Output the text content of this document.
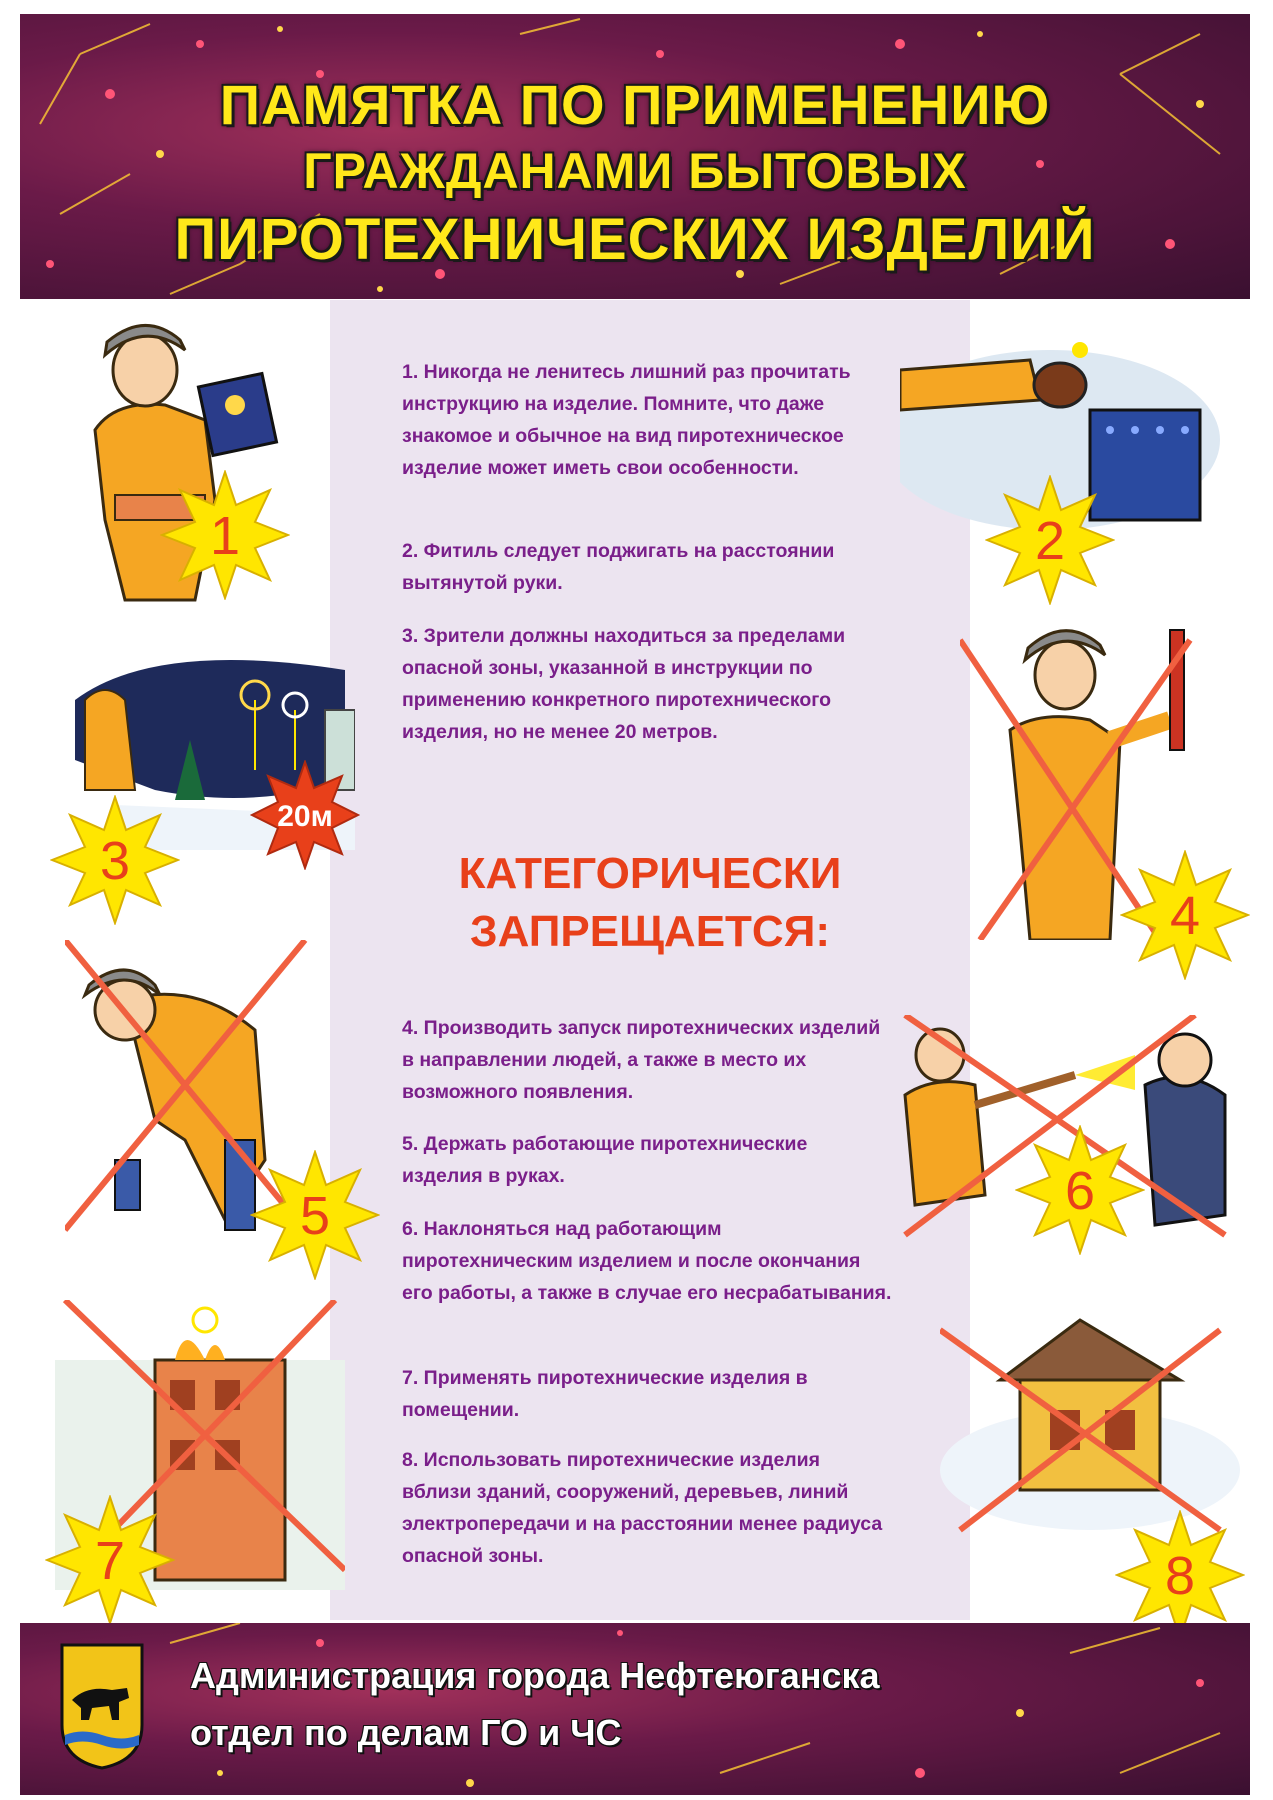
ПАМЯТКА ПО ПРИМЕНЕНИЮ
ГРАЖДАНАМИ БЫТОВЫХ
ПИРОТЕХНИЧЕСКИХ ИЗДЕЛИЙ
1. Никогда не ленитесь лишний раз прочитать инструкцию на изделие. Помните, что даже знакомое и обычное на вид пиротехническое изделие может иметь свои особенности.
2. Фитиль следует поджигать на расстоянии вытянутой руки.
3. Зрители должны находиться за пределами опасной зоны, указанной в инструкции по применению конкретного пиротехнического изделия, но не менее 20 метров.
КАТЕГОРИЧЕСКИ
ЗАПРЕЩАЕТСЯ:
4. Производить запуск пиротехнических изделий в направлении людей, а также в место их возможного появления.
5. Держать работающие пиротехнические изделия в руках.
6. Наклоняться над работающим пиротехническим изделием и после окончания его работы, а также в случае его несрабатывания.
7. Применять пиротехнические изделия в помещении.
8. Использовать пиротехнические изделия вблизи зданий, сооружений, деревьев, линий электропередачи и на расстоянии менее радиуса опасной зоны.
1	2
3
20м
4
5	6
7	8
Администрация города Нефтеюганска
отдел по делам ГО и ЧС
